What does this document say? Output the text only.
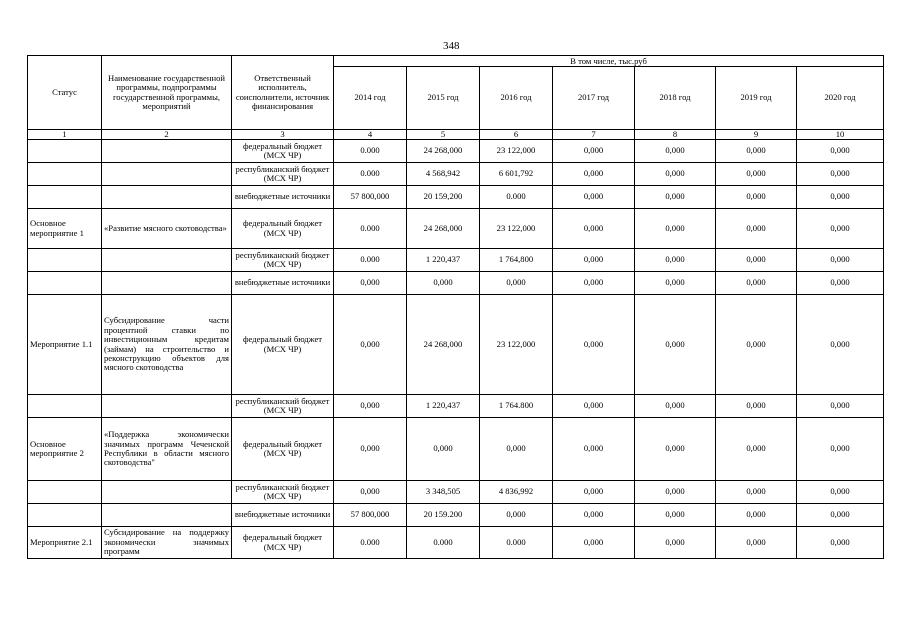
348
Статус	Наименование государственной программы, подпрограммы государственной программы, мероприятий	Ответственный исполнитель, соисполнители, источник финансирования	В том числе, тыс.руб						
			2014 год	2015 год	2016 год	2017 год	2018 год	2019 год	2020 год
1	2	3	4	5	6	7	8	9	10
		федеральный бюджет (МСХ ЧР)	0.000	24 268,000	23 122,000	0,000	0,000	0,000	0,000
		республиканский бюджет (МСХ ЧР)	0.000	4 568,942	6 601,792	0,000	0,000	0,000	0,000
		внебюджетные источники	57 800,000	20 159,200	0.000	0,000	0,000	0,000	0,000
Основное мероприятие 1	«Развитие мясного скотоводства»	федеральный бюджет (МСХ ЧР)	0.000	24 268,000	23 122,000	0,000	0,000	0,000	0,000
		республиканский бюджет (МСХ ЧР)	0.000	1 220,437	1 764,800	0,000	0,000	0,000	0,000
		внебюджетные источники	0,000	0,000	0,000	0,000	0,000	0,000	0,000
Мероприятие 1.1	Субсидирование части процентной ставки по инвестиционным кредитам (займам) на строительство и реконструкцию объектов для мясного скотоводства	федеральный бюджет (МСХ ЧР)	0,000	24 268,000	23 122,000	0,000	0,000	0,000	0,000
		республиканский бюджет (МСХ ЧР)	0,000	1 220,437	1 764.800	0,000	0,000	0,000	0,000
Основное мероприятие 2	«Поддержка экономически значимых программ Чеченской Республики в области мясного скотоводства"	федеральный бюджет (МСХ ЧР)	0,000	0,000	0,000	0,000	0,000	0,000	0,000
		республиканский бюджет (МСХ ЧР)	0,000	3 348,505	4 836,992	0,000	0,000	0,000	0,000
		внебюджетные источники	57 800,000	20 159.200	0,000	0,000	0,000	0,000	0,000
Мероприятие 2.1	Субсидирование на поддержку экономически значимых программ	федеральный бюджет (МСХ ЧР)	0.000	0.000	0.000	0,000	0,000	0,000	0,000
